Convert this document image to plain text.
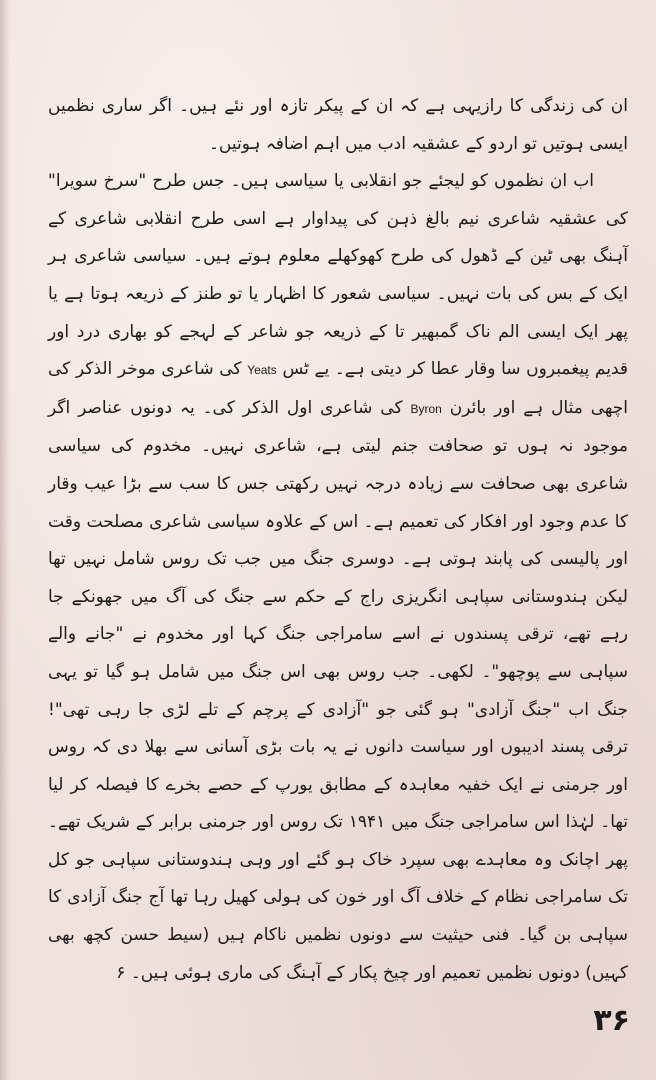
ان کی زندگی کا رازیہی ہے کہ ان کے پیکر تازہ اور نئے ہیں۔ اگر ساری نظمیں ایسی ہوتیں تو اردو کے عشقیہ ادب میں اہم اضافہ ہوتیں۔

اب ان نظموں کو لیجئے جو انقلابی یا سیاسی ہیں۔ جس طرح "سرخ سویرا" کی عشقیہ شاعری نیم بالغ ذہن کی پیداوار ہے اسی طرح انقلابی شاعری کے آہنگ بھی ٹین کے ڈھول کی طرح کھوکھلے معلوم ہوتے ہیں۔ سیاسی شاعری ہر ایک کے بس کی بات نہیں۔ سیاسی شعور کا اظہار یا تو طنز کے ذریعہ ہوتا ہے یا پھر ایک ایسی الم ناک گمبھیر تا کے ذریعہ جو شاعر کے لہجے کو بھاری درد اور قدیم پیغمبروں سا وقار عطا کر دیتی ہے۔ یے ٹس Yeats کی شاعری موخر الذکر کی اچھی مثال ہے اور بائرن Byron کی شاعری اول الذکر کی۔ یہ دونوں عناصر اگر موجود نہ ہوں تو صحافت جنم لیتی ہے، شاعری نہیں۔ مخدوم کی سیاسی شاعری بھی صحافت سے زیادہ درجہ نہیں رکھتی جس کا سب سے بڑا عیب وقار کا عدم وجود اور افکار کی تعمیم ہے۔ اس کے علاوہ سیاسی شاعری مصلحت وقت اور پالیسی کی پابند ہوتی ہے۔ دوسری جنگ میں جب تک روس شامل نہیں تھا لیکن ہندوستانی سپاہی انگریزی راج کے حکم سے جنگ کی آگ میں جھونکے جا رہے تھے، ترقی پسندوں نے اسے سامراجی جنگ کہا اور مخدوم نے "جانے والے سپاہی سے پوچھو"۔ لکھی۔ جب روس بھی اس جنگ میں شامل ہو گیا تو یہی جنگ اب "جنگ آزادی" ہو گئی جو "آزادی کے پرچم کے تلے لڑی جا رہی تھی"! ترقی پسند ادیبوں اور سیاست دانوں نے یہ بات بڑی آسانی سے بھلا دی کہ روس اور جرمنی نے ایک خفیہ معاہدہ کے مطابق یورپ کے حصے بخرے کا فیصلہ کر لیا تھا۔ لہٰذا اس سامراجی جنگ میں ۱۹۴۱ تک روس اور جرمنی برابر کے شریک تھے۔ پھر اچانک وہ معاہدے بھی سپرد خاک ہو گئے اور وہی ہندوستانی سپاہی جو کل تک سامراجی نظام کے خلاف آگ اور خون کی ہولی کھیل رہا تھا آج جنگ آزادی کا سپاہی بن گیا۔ فنی حیثیت سے دونوں نظمیں ناکام ہیں (سیط حسن کچھ بھی کہیں) دونوں نظمیں تعمیم اور چیخ پکار کے آہنگ کی ماری ہوئی ہیں۔ ۶

۳۶
